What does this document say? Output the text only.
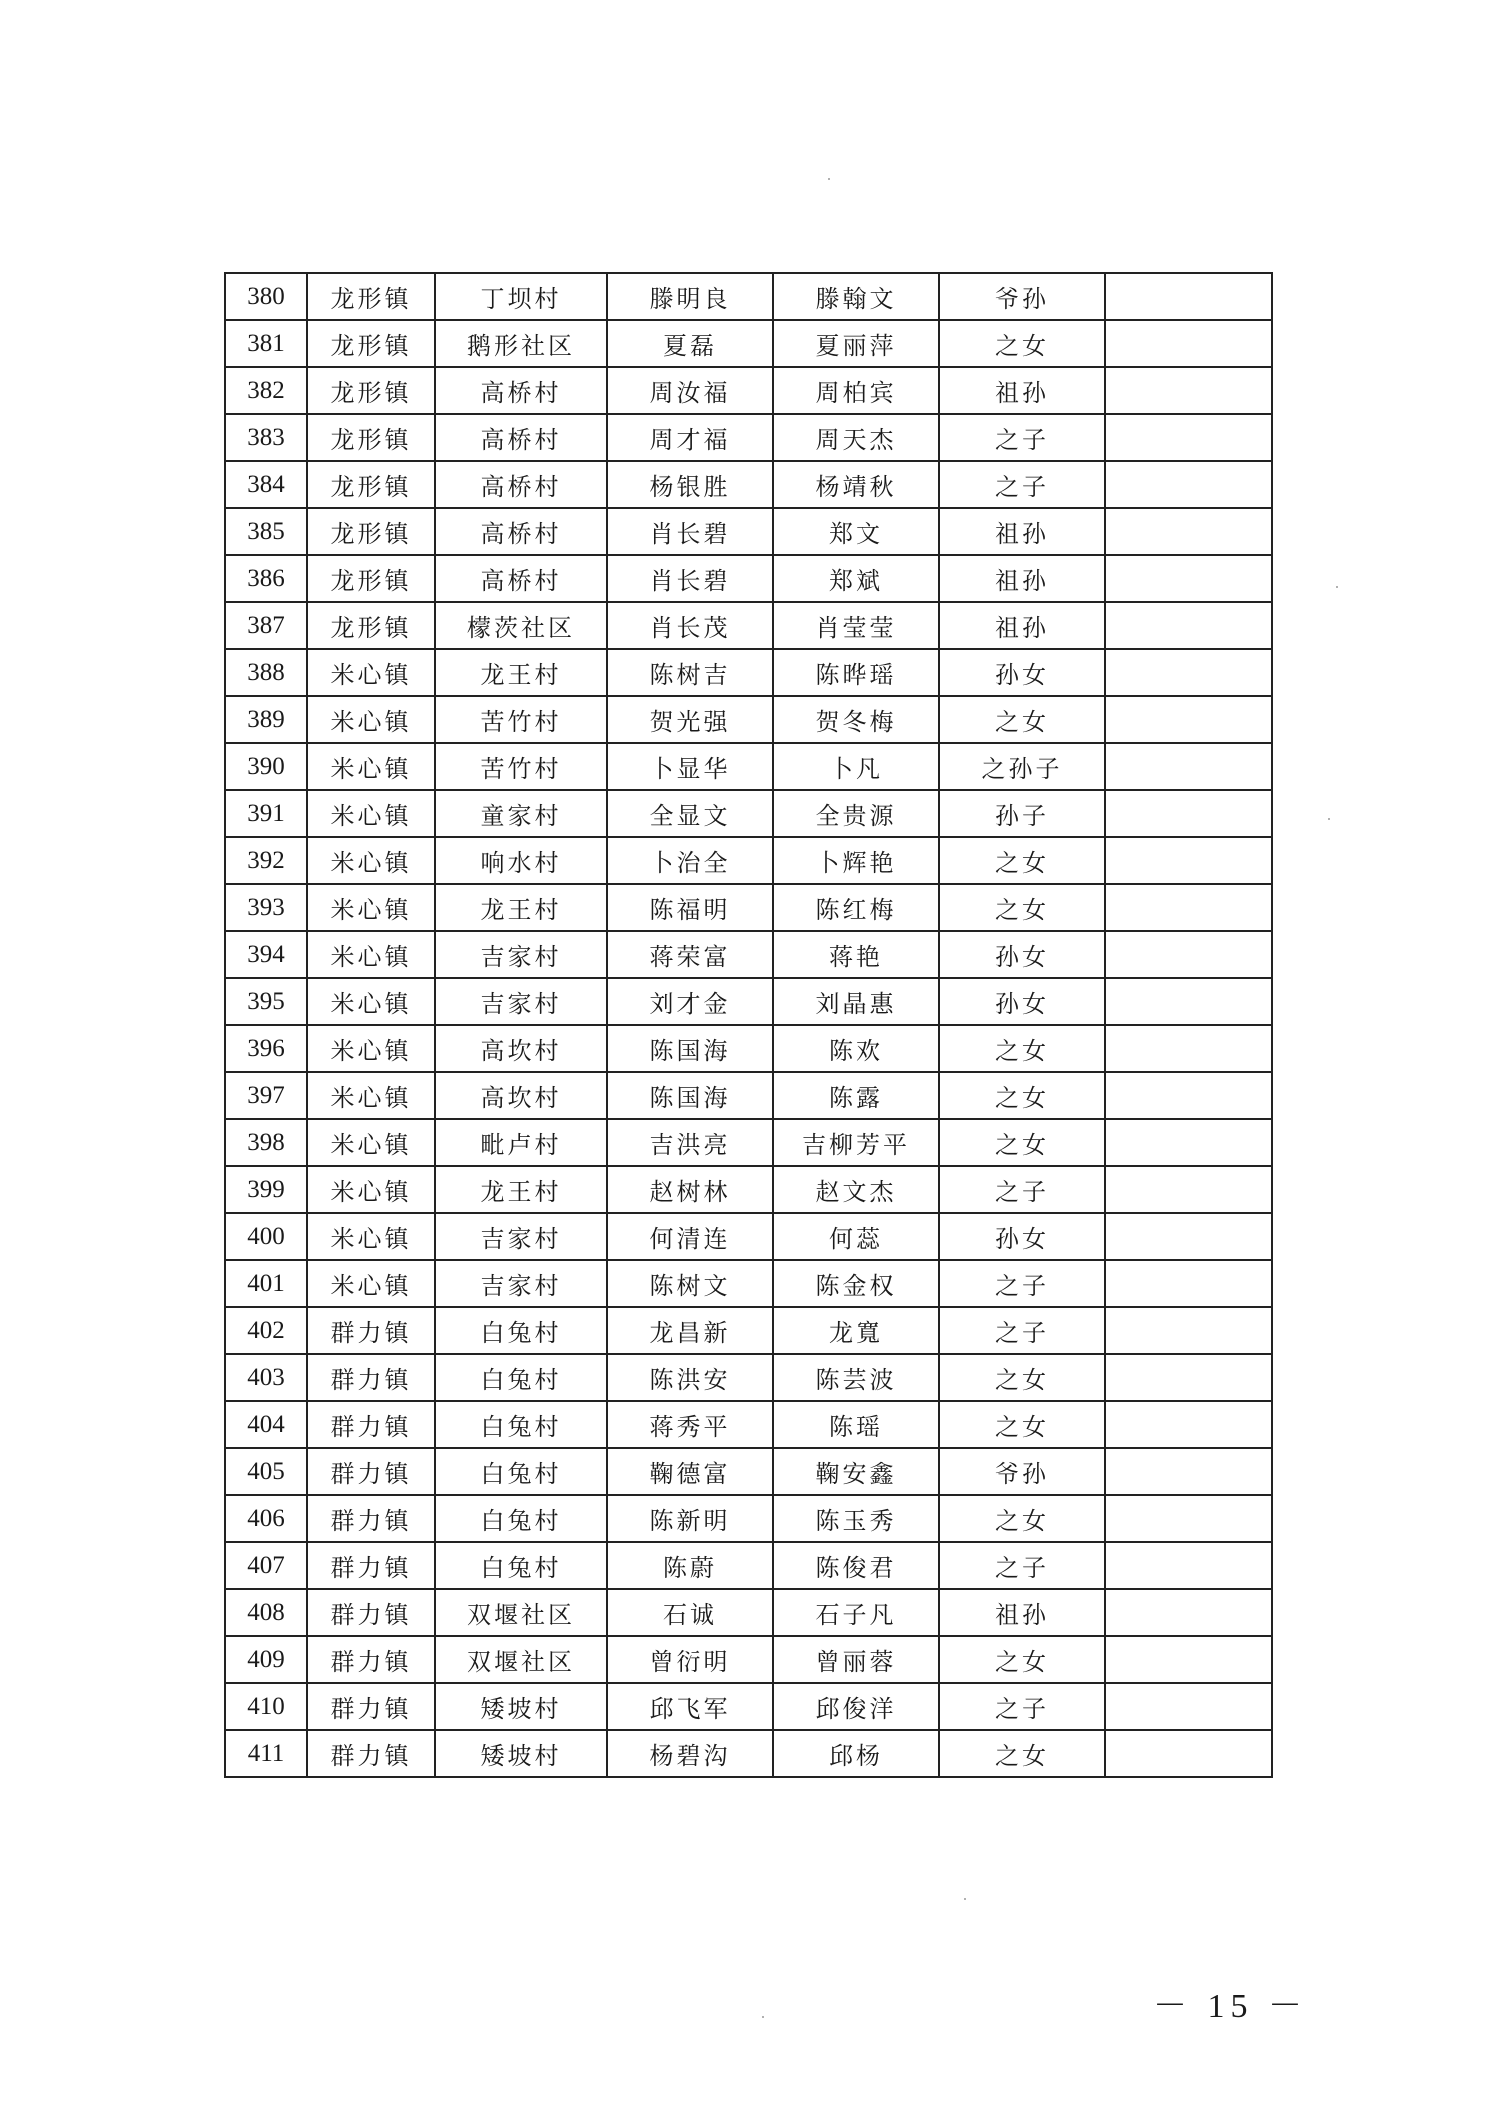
380	龙形镇	丁坝村	滕明良	滕翰文	爷孙	
381	龙形镇	鹅形社区	夏磊	夏丽萍	之女	
382	龙形镇	高桥村	周汝福	周柏宾	祖孙	
383	龙形镇	高桥村	周才福	周天杰	之子	
384	龙形镇	高桥村	杨银胜	杨靖秋	之子	
385	龙形镇	高桥村	肖长碧	郑文	祖孙	
386	龙形镇	高桥村	肖长碧	郑斌	祖孙	
387	龙形镇	檬茨社区	肖长茂	肖莹莹	祖孙	
388	米心镇	龙王村	陈树吉	陈晔瑶	孙女	
389	米心镇	苦竹村	贺光强	贺冬梅	之女	
390	米心镇	苦竹村	卜显华	卜凡	之孙子	
391	米心镇	童家村	全显文	全贵源	孙子	
392	米心镇	响水村	卜治全	卜辉艳	之女	
393	米心镇	龙王村	陈福明	陈红梅	之女	
394	米心镇	吉家村	蒋荣富	蒋艳	孙女	
395	米心镇	吉家村	刘才金	刘晶惠	孙女	
396	米心镇	高坎村	陈国海	陈欢	之女	
397	米心镇	高坎村	陈国海	陈露	之女	
398	米心镇	毗卢村	吉洪亮	吉柳芳平	之女	
399	米心镇	龙王村	赵树林	赵文杰	之子	
400	米心镇	吉家村	何清连	何蕊	孙女	
401	米心镇	吉家村	陈树文	陈金权	之子	
402	群力镇	白兔村	龙昌新	龙寬	之子	
403	群力镇	白兔村	陈洪安	陈芸波	之女	
404	群力镇	白兔村	蒋秀平	陈瑶	之女	
405	群力镇	白兔村	鞠德富	鞠安鑫	爷孙	
406	群力镇	白兔村	陈新明	陈玉秀	之女	
407	群力镇	白兔村	陈蔚	陈俊君	之子	
408	群力镇	双堰社区	石诚	石子凡	祖孙	
409	群力镇	双堰社区	曾衍明	曾丽蓉	之女	
410	群力镇	矮坡村	邱飞军	邱俊洋	之子	
411	群力镇	矮坡村	杨碧沟	邱杨	之女	
－ 15 －
